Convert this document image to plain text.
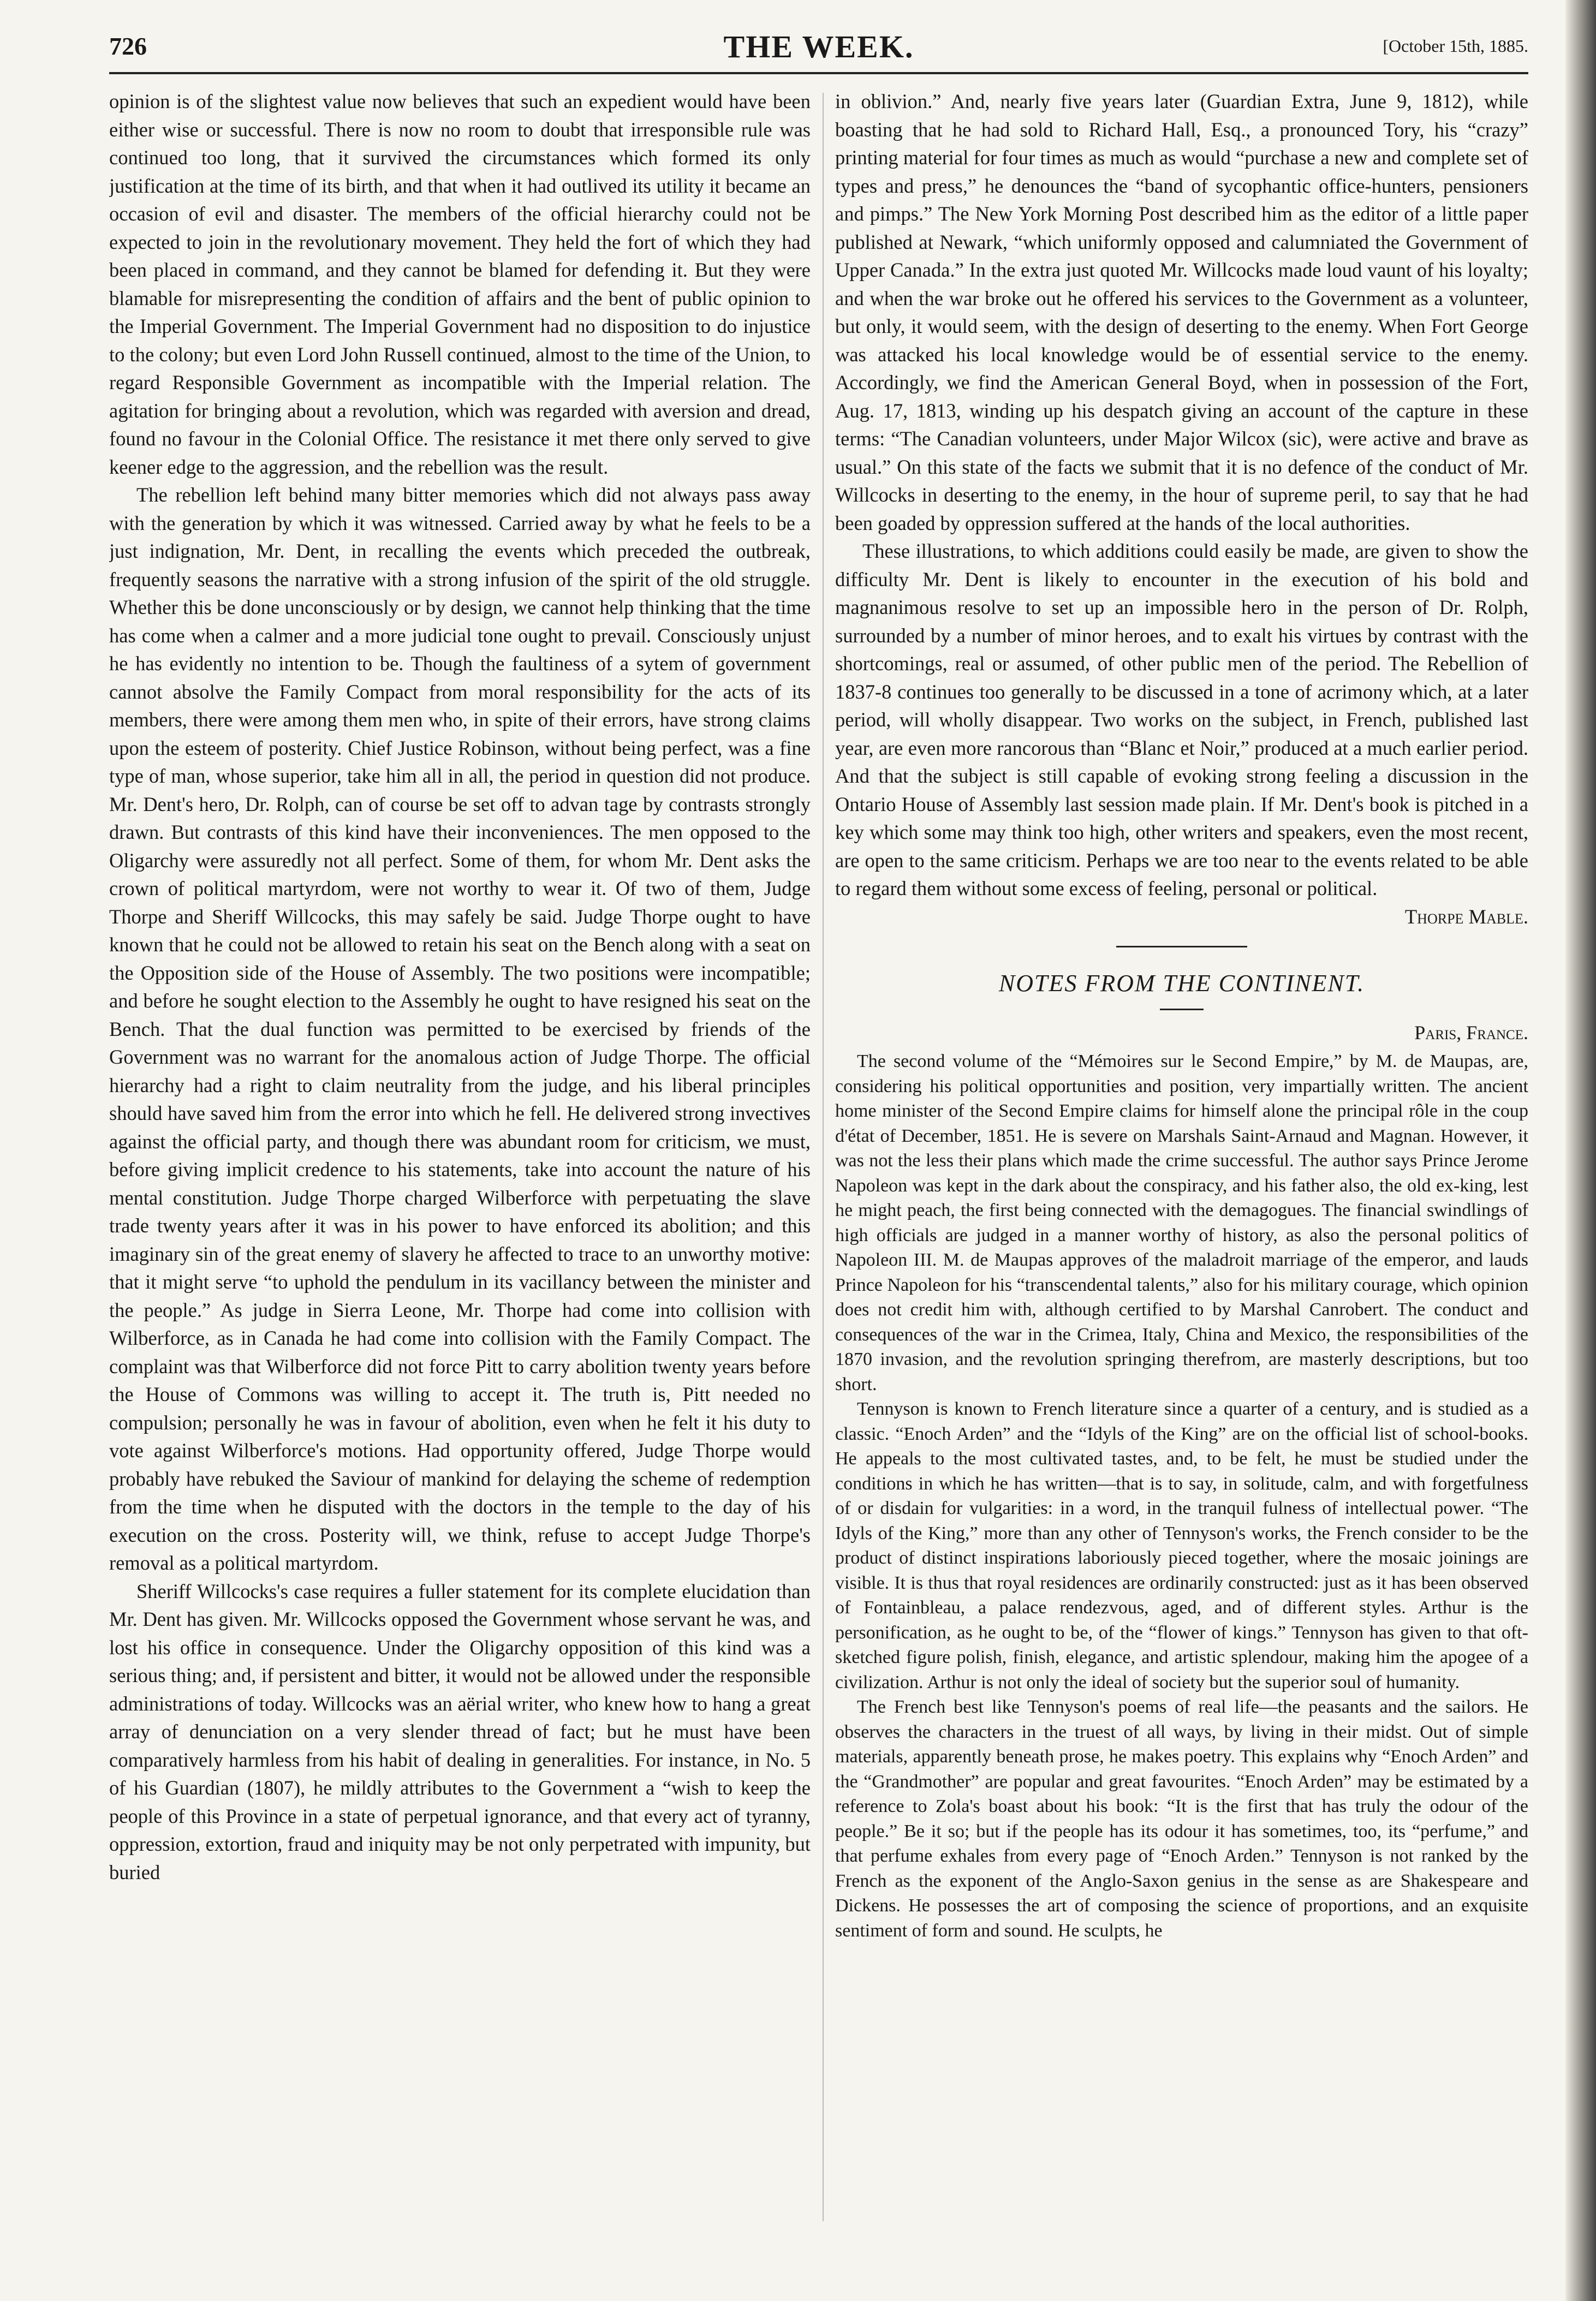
726	THE WEEK.	[October 15th, 1885.

opinion is of the slightest value now believes that such an expedient would have been either wise or successful. There is now no room to doubt that irresponsible rule was continued too long, that it survived the circumstances which formed its only justification at the time of its birth, and that when it had outlived its utility it became an occasion of evil and disaster. The members of the official hierarchy could not be expected to join in the revolutionary movement. They held the fort of which they had been placed in command, and they cannot be blamed for defending it. But they were blamable for misrepresenting the condition of affairs and the bent of public opinion to the Imperial Government. The Imperial Government had no disposition to do injustice to the colony; but even Lord John Russell continued, almost to the time of the Union, to regard Responsible Government as incompatible with the Imperial relation. The agitation for bringing about a revolution, which was regarded with aversion and dread, found no favour in the Colonial Office. The resistance it met there only served to give keener edge to the aggression, and the rebellion was the result.

The rebellion left behind many bitter memories which did not always pass away with the generation by which it was witnessed. Carried away by what he feels to be a just indignation, Mr. Dent, in recalling the events which preceded the outbreak, frequently seasons the narrative with a strong infusion of the spirit of the old struggle. Whether this be done unconsciously or by design, we cannot help thinking that the time has come when a calmer and a more judicial tone ought to prevail. Consciously unjust he has evidently no intention to be. Though the faultiness of a sytem of government cannot absolve the Family Compact from moral responsibility for the acts of its members, there were among them men who, in spite of their errors, have strong claims upon the esteem of posterity. Chief Justice Robinson, without being perfect, was a fine type of man, whose superior, take him all in all, the period in question did not produce. Mr. Dent's hero, Dr. Rolph, can of course be set off to advan tage by contrasts strongly drawn. But contrasts of this kind have their inconveniences. The men opposed to the Oligarchy were assuredly not all perfect. Some of them, for whom Mr. Dent asks the crown of political martyrdom, were not worthy to wear it. Of two of them, Judge Thorpe and Sheriff Willcocks, this may safely be said. Judge Thorpe ought to have known that he could not be allowed to retain his seat on the Bench along with a seat on the Opposition side of the House of Assembly. The two positions were incompatible; and before he sought election to the Assembly he ought to have resigned his seat on the Bench. That the dual function was permitted to be exercised by friends of the Government was no warrant for the anomalous action of Judge Thorpe. The official hierarchy had a right to claim neutrality from the judge, and his liberal principles should have saved him from the error into which he fell. He delivered strong invectives against the official party, and though there was abundant room for criticism, we must, before giving implicit credence to his statements, take into account the nature of his mental constitution. Judge Thorpe charged Wilberforce with perpetuating the slave trade twenty years after it was in his power to have enforced its abolition; and this imaginary sin of the great enemy of slavery he affected to trace to an unworthy motive: that it might serve “to uphold the pendulum in its vacillancy between the minister and the people.” As judge in Sierra Leone, Mr. Thorpe had come into collision with Wilberforce, as in Canada he had come into collision with the Family Compact. The complaint was that Wilberforce did not force Pitt to carry abolition twenty years before the House of Commons was willing to accept it. The truth is, Pitt needed no compulsion; personally he was in favour of abolition, even when he felt it his duty to vote against Wilberforce's motions. Had opportunity offered, Judge Thorpe would probably have rebuked the Saviour of mankind for delaying the scheme of redemption from the time when he disputed with the doctors in the temple to the day of his execution on the cross. Posterity will, we think, refuse to accept Judge Thorpe's removal as a political martyrdom.

Sheriff Willcocks's case requires a fuller statement for its complete elucidation than Mr. Dent has given. Mr. Willcocks opposed the Government whose servant he was, and lost his office in consequence. Under the Oligarchy opposition of this kind was a serious thing; and, if persistent and bitter, it would not be allowed under the responsible administrations of today. Willcocks was an aërial writer, who knew how to hang a great array of denunciation on a very slender thread of fact; but he must have been comparatively harmless from his habit of dealing in generalities. For instance, in No. 5 of his Guardian (1807), he mildly attributes to the Government a “wish to keep the people of this Province in a state of perpetual ignorance, and that every act of tyranny, oppression, extortion, fraud and iniquity may be not only perpetrated with impunity, but buried

in oblivion.” And, nearly five years later (Guardian Extra, June 9, 1812), while boasting that he had sold to Richard Hall, Esq., a pronounced Tory, his “crazy” printing material for four times as much as would “purchase a new and complete set of types and press,” he denounces the “band of sycophantic office-hunters, pensioners and pimps.” The New York Morning Post described him as the editor of a little paper published at Newark, “which uniformly opposed and calumniated the Government of Upper Canada.” In the extra just quoted Mr. Willcocks made loud vaunt of his loyalty; and when the war broke out he offered his services to the Government as a volunteer, but only, it would seem, with the design of deserting to the enemy. When Fort George was attacked his local knowledge would be of essential service to the enemy. Accordingly, we find the American General Boyd, when in possession of the Fort, Aug. 17, 1813, winding up his despatch giving an account of the capture in these terms: “The Canadian volunteers, under Major Wilcox (sic), were active and brave as usual.” On this state of the facts we submit that it is no defence of the conduct of Mr. Willcocks in deserting to the enemy, in the hour of supreme peril, to say that he had been goaded by oppression suffered at the hands of the local authorities.

These illustrations, to which additions could easily be made, are given to show the difficulty Mr. Dent is likely to encounter in the execution of his bold and magnanimous resolve to set up an impossible hero in the person of Dr. Rolph, surrounded by a number of minor heroes, and to exalt his virtues by contrast with the shortcomings, real or assumed, of other public men of the period. The Rebellion of 1837-8 continues too generally to be discussed in a tone of acrimony which, at a later period, will wholly disappear. Two works on the subject, in French, published last year, are even more rancorous than “Blanc et Noir,” produced at a much earlier period. And that the subject is still capable of evoking strong feeling a discussion in the Ontario House of Assembly last session made plain. If Mr. Dent's book is pitched in a key which some may think too high, other writers and speakers, even the most recent, are open to the same criticism. Perhaps we are too near to the events related to be able to regard them without some excess of feeling, personal or political.

Thorpe Mable.
NOTES FROM THE CONTINENT.
Paris, France.

The second volume of the “Mémoires sur le Second Empire,” by M. de Maupas, are, considering his political opportunities and position, very impartially written. The ancient home minister of the Second Empire claims for himself alone the principal rôle in the coup d'état of December, 1851. He is severe on Marshals Saint-Arnaud and Magnan. However, it was not the less their plans which made the crime successful. The author says Prince Jerome Napoleon was kept in the dark about the conspiracy, and his father also, the old ex-king, lest he might peach, the first being connected with the demagogues. The financial swindlings of high officials are judged in a manner worthy of history, as also the personal politics of Napoleon III. M. de Maupas approves of the maladroit marriage of the emperor, and lauds Prince Napoleon for his “transcendental talents,” also for his military courage, which opinion does not credit him with, although certified to by Marshal Canrobert. The conduct and consequences of the war in the Crimea, Italy, China and Mexico, the responsibilities of the 1870 invasion, and the revolution springing therefrom, are masterly descriptions, but too short.

Tennyson is known to French literature since a quarter of a century, and is studied as a classic. “Enoch Arden” and the “Idyls of the King” are on the official list of school-books. He appeals to the most cultivated tastes, and, to be felt, he must be studied under the conditions in which he has written—that is to say, in solitude, calm, and with forgetfulness of or disdain for vulgarities: in a word, in the tranquil fulness of intellectual power. “The Idyls of the King,” more than any other of Tennyson's works, the French consider to be the product of distinct inspirations laboriously pieced together, where the mosaic joinings are visible. It is thus that royal residences are ordinarily constructed: just as it has been observed of Fontainbleau, a palace rendezvous, aged, and of different styles. Arthur is the personification, as he ought to be, of the “flower of kings.” Tennyson has given to that oft-sketched figure polish, finish, elegance, and artistic splendour, making him the apogee of a civilization. Arthur is not only the ideal of society but the superior soul of humanity.

The French best like Tennyson's poems of real life—the peasants and the sailors. He observes the characters in the truest of all ways, by living in their midst. Out of simple materials, apparently beneath prose, he makes poetry. This explains why “Enoch Arden” and the “Grandmother” are popular and great favourites. “Enoch Arden” may be estimated by a reference to Zola's boast about his book: “It is the first that has truly the odour of the people.” Be it so; but if the people has its odour it has sometimes, too, its “perfume,” and that perfume exhales from every page of “Enoch Arden.” Tennyson is not ranked by the French as the exponent of the Anglo-Saxon genius in the sense as are Shakespeare and Dickens. He possesses the art of composing the science of proportions, and an exquisite sentiment of form and sound. He sculpts, he
